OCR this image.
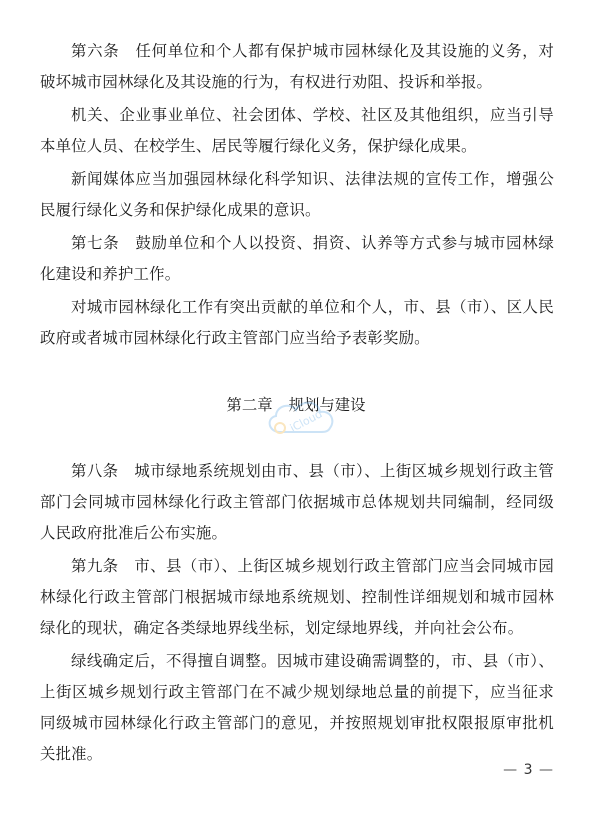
第六条　任何单位和个人都有保护城市园林绿化及其设施的义务，对破坏城市园林绿化及其设施的行为，有权进行劝阻、投诉和举报。

机关、企业事业单位、社会团体、学校、社区及其他组织，应当引导本单位人员、在校学生、居民等履行绿化义务，保护绿化成果。

新闻媒体应当加强园林绿化科学知识、法律法规的宣传工作，增强公民履行绿化义务和保护绿化成果的意识。

第七条　鼓励单位和个人以投资、捐资、认养等方式参与城市园林绿化建设和养护工作。

对城市园林绿化工作有突出贡献的单位和个人，市、县（市）、区人民政府或者城市园林绿化行政主管部门应当给予表彰奖励。

第二章 规划与建设

iCloud

第八条　城市绿地系统规划由市、县（市）、上街区城乡规划行政主管部门会同城市园林绿化行政主管部门依据城市总体规划共同编制，经同级人民政府批准后公布实施。

第九条　市、县（市）、上街区城乡规划行政主管部门应当会同城市园林绿化行政主管部门根据城市绿地系统规划、控制性详细规划和城市园林绿化的现状，确定各类绿地界线坐标，划定绿地界线，并向社会公布。

绿线确定后，不得擅自调整。因城市建设确需调整的，市、县（市）、上街区城乡规划行政主管部门在不减少规划绿地总量的前提下，应当征求同级城市园林绿化行政主管部门的意见，并按照规划审批权限报原审批机关批准。

— 3 —
